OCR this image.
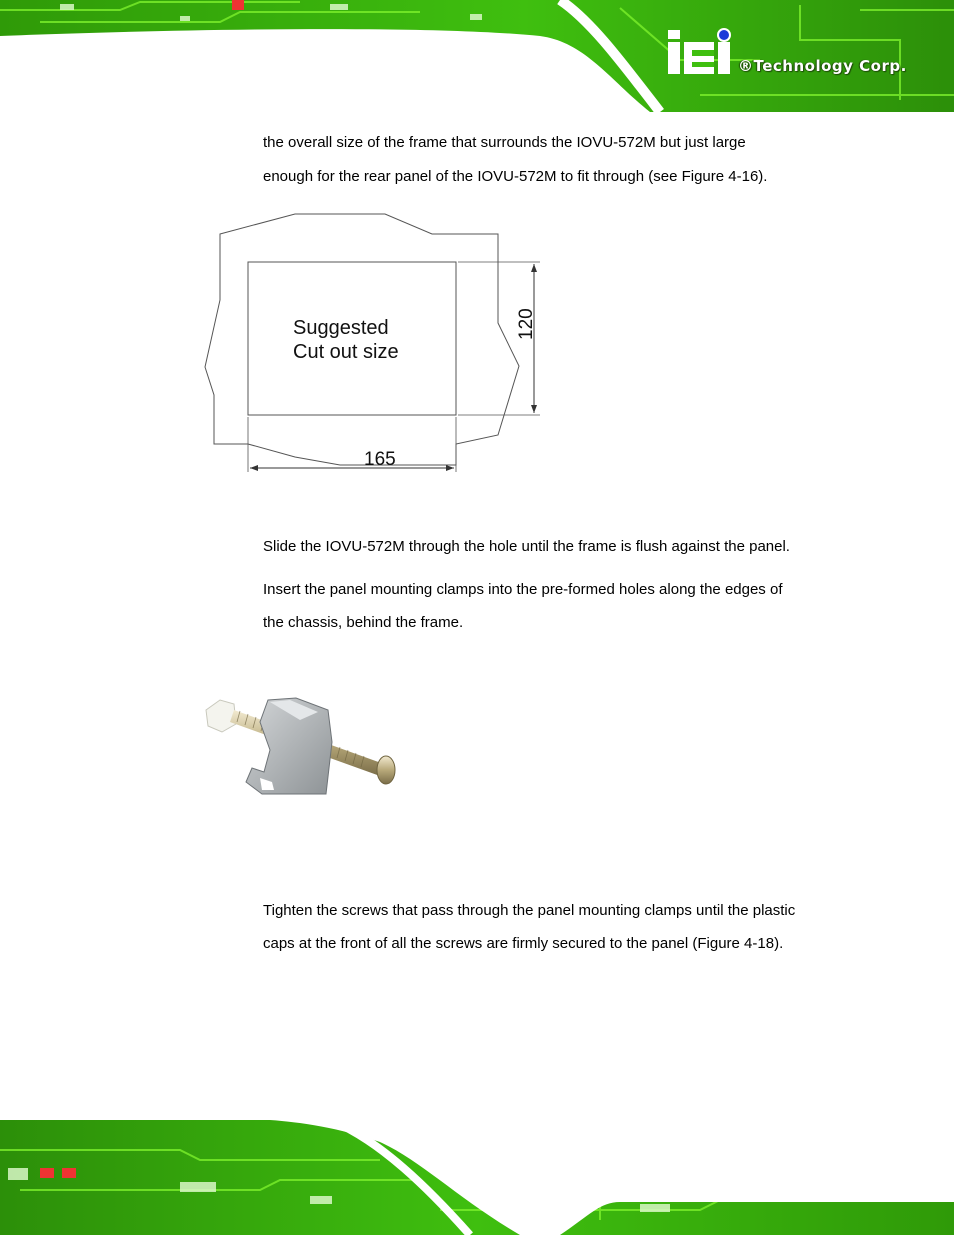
®Technology Corp.

the overall size of the frame that surrounds the IOVU-572M but just large

enough for the rear panel of the IOVU-572M to fit through (see Figure 4-16).

Suggested
Cut out size
165
120

Slide the IOVU-572M through the hole until the frame is flush against the panel.

Insert the panel mounting clamps into the pre-formed holes along the edges of

the chassis, behind the frame.

Tighten the screws that pass through the panel mounting clamps until the plastic

caps at the front of all the screws are firmly secured to the panel (Figure 4-18).
